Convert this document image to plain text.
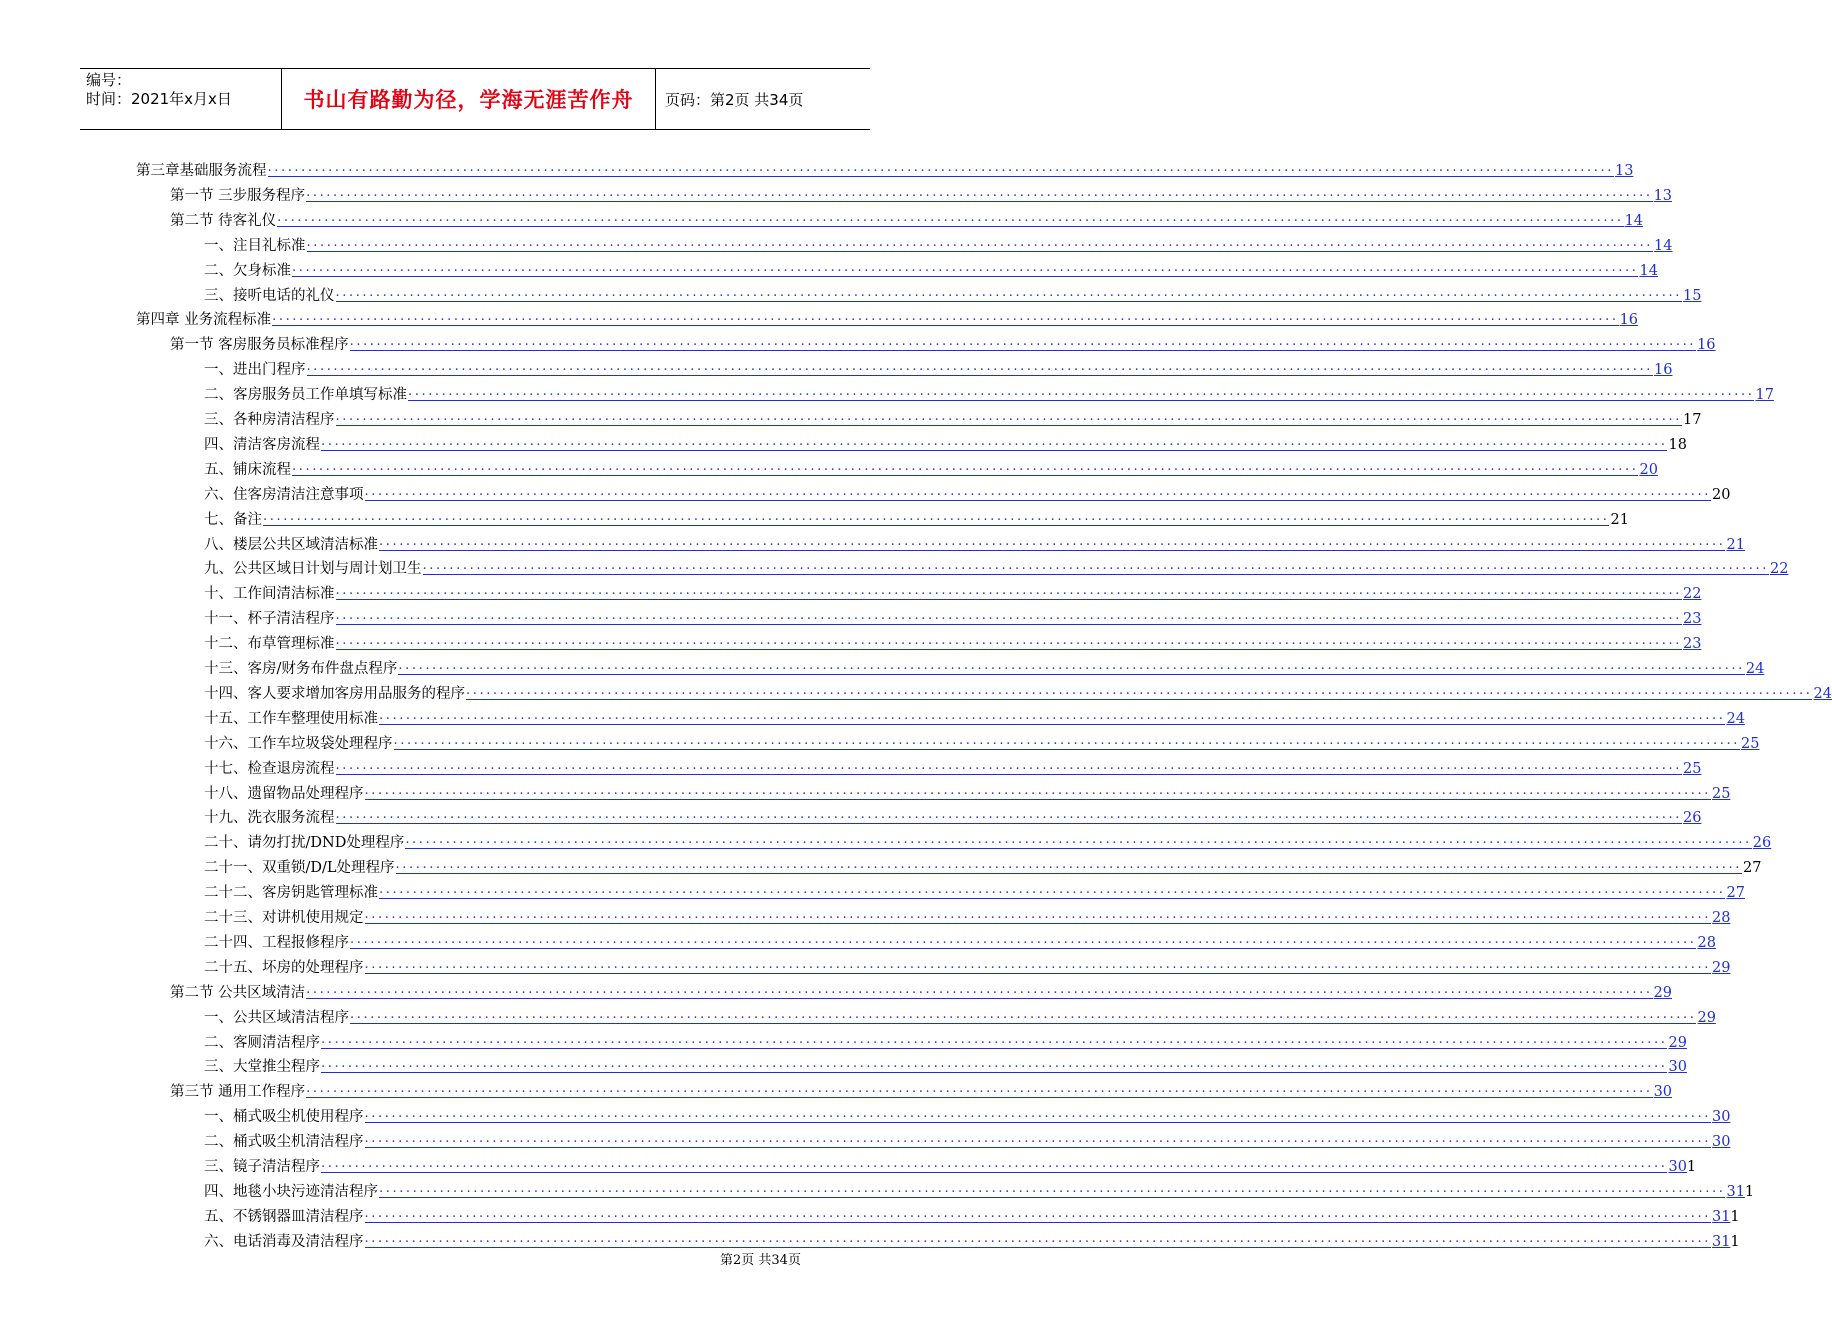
编号：
时间：2021年x月x日	书山有路勤为径，学海无涯苦作舟 页码：第2页 共34页
第三章基础服务流程 ........................................................................................................................................................................................................ 13
第一节 三步服务程序 ........................................................................................................................................................................................................ 13
第二节 待客礼仪 ........................................................................................................................................................................................................ 14
一、注目礼标准 ........................................................................................................................................................................................................ 14
二、欠身标准 ........................................................................................................................................................................................................ 14
三、接听电话的礼仪 ........................................................................................................................................................................................................ 15
第四章 业务流程标准 ........................................................................................................................................................................................................ 16
第一节 客房服务员标准程序 ........................................................................................................................................................................................................ 16
一、进出门程序 ........................................................................................................................................................................................................ 16
二、客房服务员工作单填写标准 ........................................................................................................................................................................................................ 17
三、各种房清洁程序 ........................................................................................................................................................................................................ 17
四、清洁客房流程 ........................................................................................................................................................................................................ 18
五、铺床流程 ........................................................................................................................................................................................................ 20
六、住客房清洁注意事项 ........................................................................................................................................................................................................ 20
七、备注 ........................................................................................................................................................................................................ 21
八、楼层公共区域清洁标准 ........................................................................................................................................................................................................ 21
九、公共区域日计划与周计划卫生 ........................................................................................................................................................................................................ 22
十、工作间清洁标准 ........................................................................................................................................................................................................ 22
十一、杯子清洁程序 ........................................................................................................................................................................................................ 23
十二、布草管理标准 ........................................................................................................................................................................................................ 23
十三、客房/财务布件盘点程序 ........................................................................................................................................................................................................ 24
十四、客人要求增加客房用品服务的程序 ........................................................................................................................................................................................................ 24
十五、工作车整理使用标准 ........................................................................................................................................................................................................ 24
十六、工作车垃圾袋处理程序 ........................................................................................................................................................................................................ 25
十七、检查退房流程 ........................................................................................................................................................................................................ 25
十八、遗留物品处理程序 ........................................................................................................................................................................................................ 25
十九、洗衣服务流程 ........................................................................................................................................................................................................ 26
二十、请勿打扰/DND处理程序 ........................................................................................................................................................................................................ 26
二十一、双重锁/D/L处理程序 ........................................................................................................................................................................................................ 27
二十二、客房钥匙管理标准 ........................................................................................................................................................................................................ 27
二十三、对讲机使用规定 ........................................................................................................................................................................................................ 28
二十四、工程报修程序 ........................................................................................................................................................................................................ 28
二十五、坏房的处理程序 ........................................................................................................................................................................................................ 29
第二节 公共区域清洁 ........................................................................................................................................................................................................ 29
一、公共区域清洁程序 ........................................................................................................................................................................................................ 29
二、客厕清洁程序 ........................................................................................................................................................................................................ 29
三、大堂推尘程序 ........................................................................................................................................................................................................ 30
第三节 通用工作程序 ........................................................................................................................................................................................................ 30
一、桶式吸尘机使用程序 ........................................................................................................................................................................................................ 30
二、桶式吸尘机清洁程序 ........................................................................................................................................................................................................ 30
三、镜子清洁程序 ........................................................................................................................................................................................................ 30 1
四、地毯小块污迹清洁程序 ........................................................................................................................................................................................................ 31 1
五、不锈钢器皿清洁程序 ........................................................................................................................................................................................................ 31 1
六、电话消毒及清洁程序 ........................................................................................................................................................................................................ 31 1
第2页 共34页
